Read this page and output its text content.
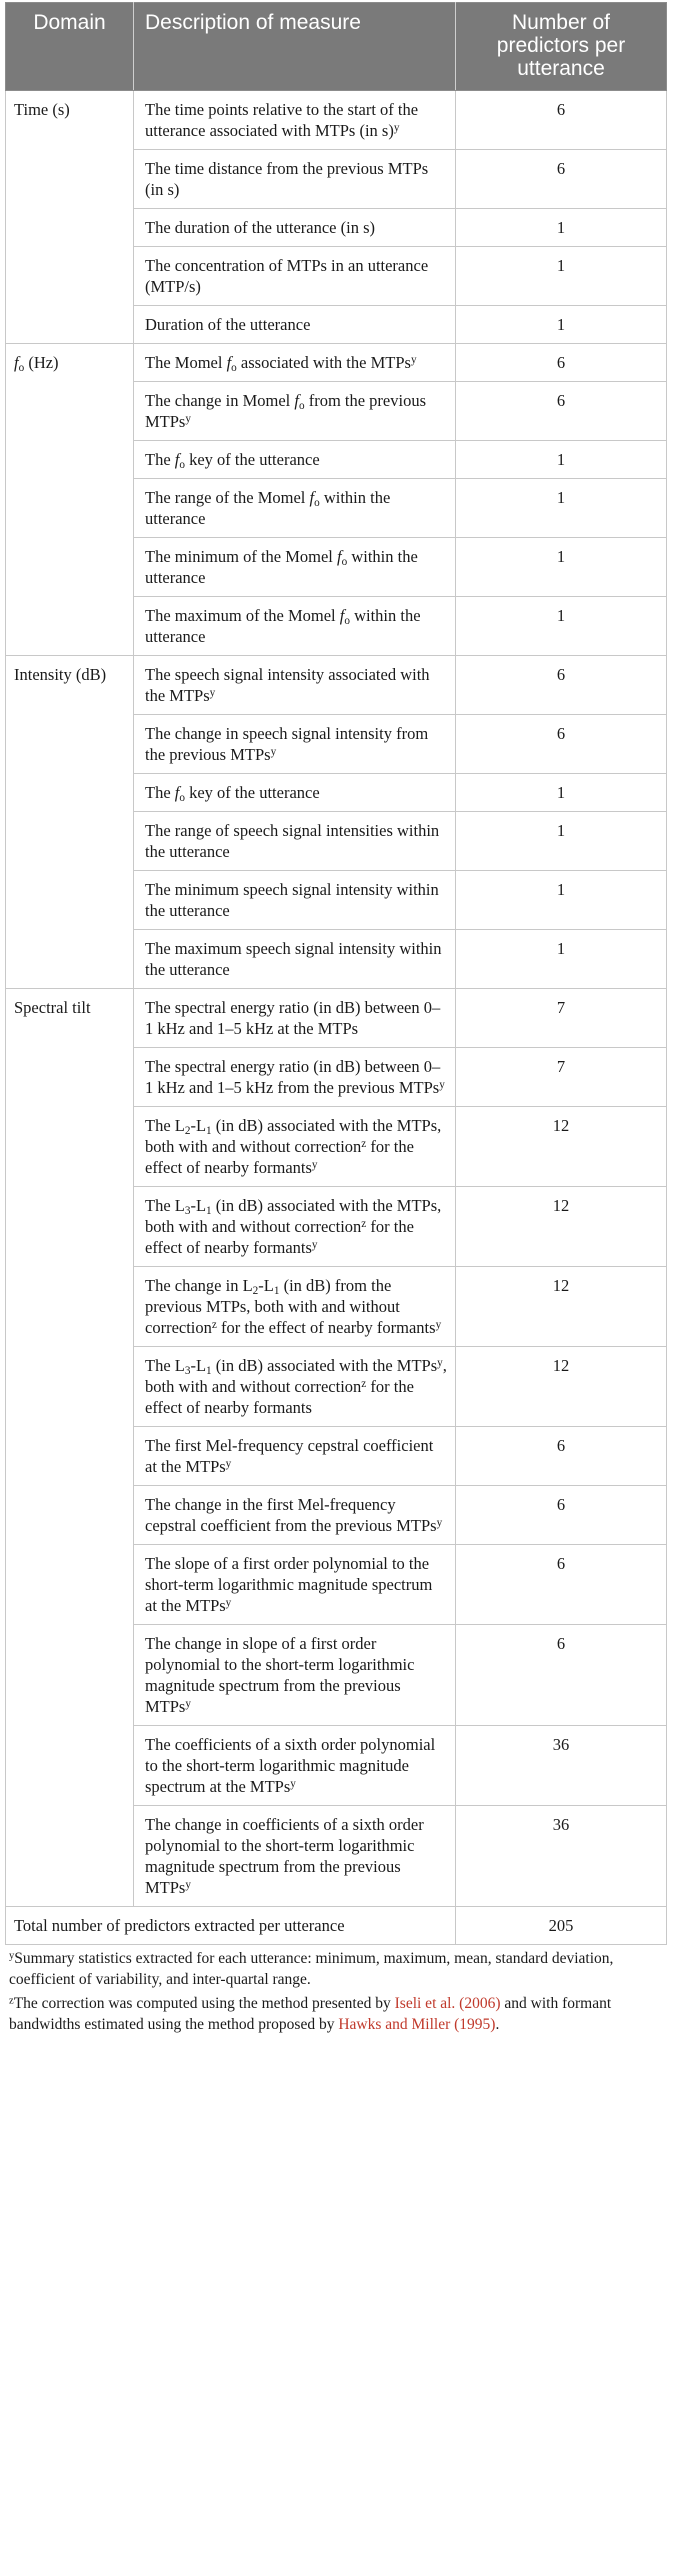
Domain	Description of measure	Number of predictors per utterance
Time (s)	The time points relative to the start of the utterance associated with MTPs (in s)$^y$	6
	The time distance from the previous MTPs (in s)	6
	The duration of the utterance (in s)	1
	The concentration of MTPs in an utterance (MTP/s)	1
	Duration of the utterance	1
$f_o$ (Hz)	The Momel $f_o$ associated with the MTPs$^y$	6
	The change in Momel $f_o$ from the previous MTPs$^y$	6
	The $f_o$ key of the utterance	1
	The range of the Momel $f_o$ within the utterance	1
	The minimum of the Momel $f_o$ within the utterance	1
	The maximum of the Momel $f_o$ within the utterance	1
Intensity (dB)	The speech signal intensity associated with the MTPs$^y$	6
	The change in speech signal intensity from the previous MTPs$^y$	6
	The $f_o$ key of the utterance	1
	The range of speech signal intensities within the utterance	1
	The minimum speech signal intensity within the utterance	1
	The maximum speech signal intensity within the utterance	1
Spectral tilt	The spectral energy ratio (in dB) between 0–1 kHz and 1–5 kHz at the MTPs	7
	The spectral energy ratio (in dB) between 0–1 kHz and 1–5 kHz from the previous MTPs$^y$	7
	The $L_2-L_1$ (in dB) associated with the MTPs, both with and without correction$^z$ for the effect of nearby formants$^y$	12
	The $L_3-L_1$ (in dB) associated with the MTPs, both with and without correction$^z$ for the effect of nearby formants$^y$	12
	The change in $L_2-L_1$ (in dB) from the previous MTPs, both with and without correction$^z$ for the effect of nearby formants$^y$	12
	The $L_3-L_1$ (in dB) associated with the MTPs$^y$, both with and without correction$^z$ for the effect of nearby formants	12
	The first Mel-frequency cepstral coefficient at the MTPs$^y$	6
	The change in the first Mel-frequency cepstral coefficient from the previous MTPs$^y$	6
	The slope of a first order polynomial to the short-term logarithmic magnitude spectrum at the MTPs$^y$	6
	The change in slope of a first order polynomial to the short-term logarithmic magnitude spectrum from the previous MTPs$^y$	6
	The coefficients of a sixth order polynomial to the short-term logarithmic magnitude spectrum at the MTPs$^y$	36
	The change in coefficients of a sixth order polynomial to the short-term logarithmic magnitude spectrum from the previous MTPs$^y$	36
Total number of predictors extracted per utterance		205
$^y$Summary statistics extracted for each utterance: minimum, maximum, mean, standard deviation, coefficient of variability, and inter-quartal range.
$^z$The correction was computed using the method presented by Iseli et al. (2006) and with formant bandwidths estimated using the method proposed by Hawks and Miller (1995).
